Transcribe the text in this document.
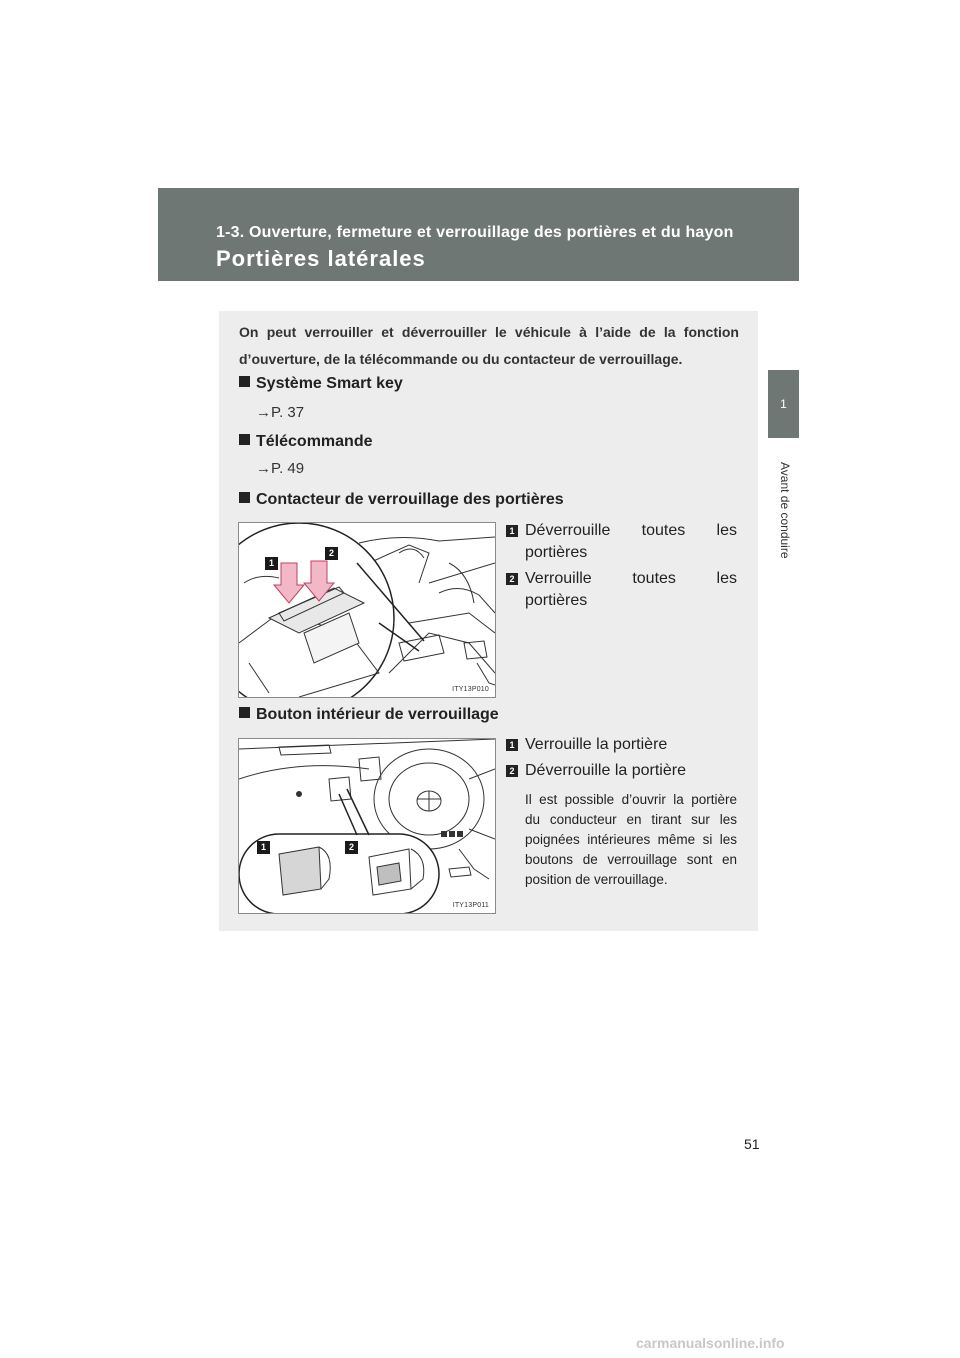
1-3. Ouverture, fermeture et verrouillage des portières et du hayon
Portières latérales
1
Avant de conduire
On peut verrouiller et déverrouiller le véhicule à l’aide de la fonction d’ouverture, de la télécommande ou du contacteur de verrouillage.
Système Smart key
→P. 37
Télécommande
→P. 49
Contacteur de verrouillage des portières
1
2
ITY13P010
1 Déverrouille toutes les
portières
2 Verrouille toutes les
portières
Bouton intérieur de verrouillage
1	2
ITY13P011
1 Verrouille la portière
2 Déverrouille la portière
Il est possible d’ouvrir la portière du conducteur en tirant sur les poignées intérieures même si les boutons de verrouillage sont en position de verrouillage.
51
carmanualsonline.info
